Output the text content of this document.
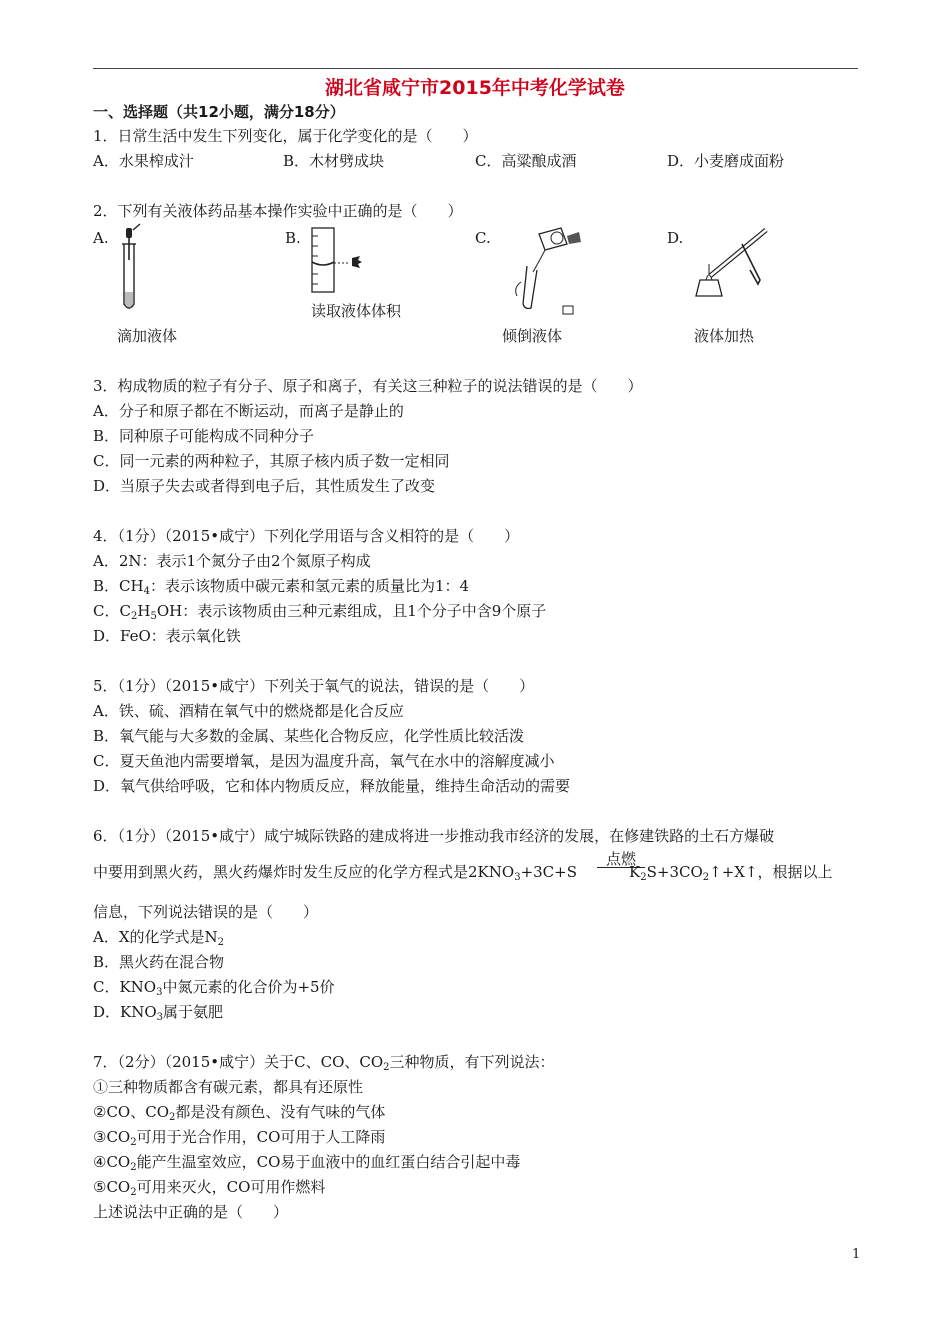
湖北省咸宁市2015年中考化学试卷
一、选择题（共12小题，满分18分）
1．日常生活中发生下列变化，属于化学变化的是（　　）
A．水果榨成汁	B．木材劈成块	C．高粱酿成酒	D．小麦磨成面粉
2．下列有关液体药品基本操作实验中正确的是（　　）
A.	B.	C.	D.
滴加液体
读取液体体积
倾倒液体	液体加热
3．构成物质的粒子有分子、原子和离子，有关这三种粒子的说法错误的是（　　）
A．分子和原子都在不断运动，而离子是静止的
B．同种原子可能构成不同种分子
C．同一元素的两种粒子，其原子核内质子数一定相同
D．当原子失去或者得到电子后，其性质发生了改变
4．（1分）（2015•咸宁）下列化学用语与含义相符的是（　　）
A．2N：表示1个氮分子由2个氮原子构成
B．$CH_4$：表示该物质中碳元素和氢元素的质量比为1：4
C．$C_2H_5OH$：表示该物质由三种元素组成，且1个分子中含9个原子
D．FeO：表示氧化铁
5．（1分）（2015•咸宁）下列关于氧气的说法，错误的是（　　）
A．铁、硫、酒精在氧气中的燃烧都是化合反应
B．氧气能与大多数的金属、某些化合物反应，化学性质比较活泼
C．夏天鱼池内需要增氧，是因为温度升高，氧气在水中的溶解度减小
D．氧气供给呼吸，它和体内物质反应，释放能量，维持生命活动的需要
6．（1分）（2015•咸宁）咸宁城际铁路的建成将进一步推动我市经济的发展，在修建铁路的土石方爆破
中要用到黑火药，黑火药爆炸时发生反应的化学方程式是$2KNO_3+3C+S$	$K_2S+3CO_2↑+X↑$，根据以上
点燃
信息，下列说法错误的是（　　）
A．X的化学式是$N_2$
B．黑火药在混合物
C．$KNO_3$中氮元素的化合价为+5价
D．$KNO_3$属于氨肥
7．（2分）（2015•咸宁）关于C、CO、$CO_2$三种物质，有下列说法：
①三种物质都含有碳元素，都具有还原性
②CO、$CO_2$都是没有颜色、没有气味的气体
$③CO_2$可用于光合作用，CO可用于人工降雨
$④CO_2$能产生温室效应，CO易于血液中的血红蛋白结合引起中毒
$⑤CO_2$可用来灭火，CO可用作燃料
上述说法中正确的是（　　）
1
